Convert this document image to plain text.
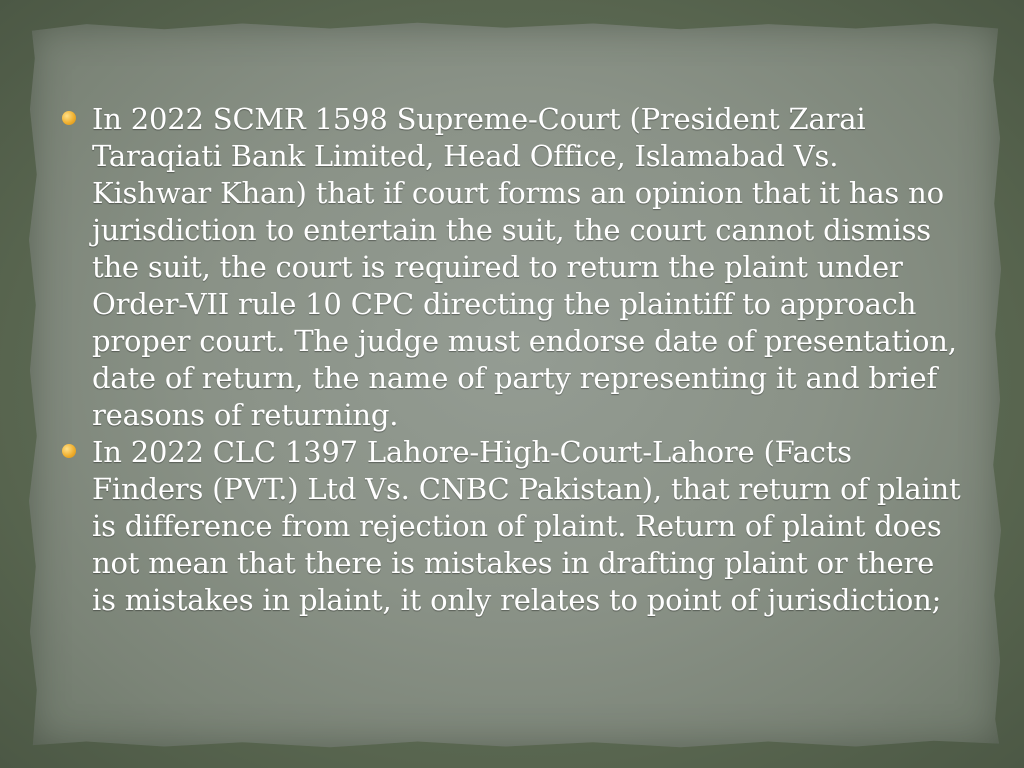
In 2022 SCMR 1598 Supreme-Court (President Zarai Taraqiati Bank Limited, Head Office, Islamabad Vs. Kishwar Khan) that if court forms an opinion that it has no jurisdiction to entertain the suit, the court cannot dismiss the suit, the court is required to return the plaint under Order-VII rule 10 CPC directing the plaintiff to approach proper court. The judge must endorse date of presentation, date of return, the name of party representing it and brief reasons of returning.

In 2022 CLC 1397 Lahore-High-Court-Lahore (Facts Finders (PVT.) Ltd Vs. CNBC Pakistan), that return of plaint is difference from rejection of plaint. Return of plaint does not mean that there is mistakes in drafting plaint or there is mistakes in plaint, it only relates to point of jurisdiction;
